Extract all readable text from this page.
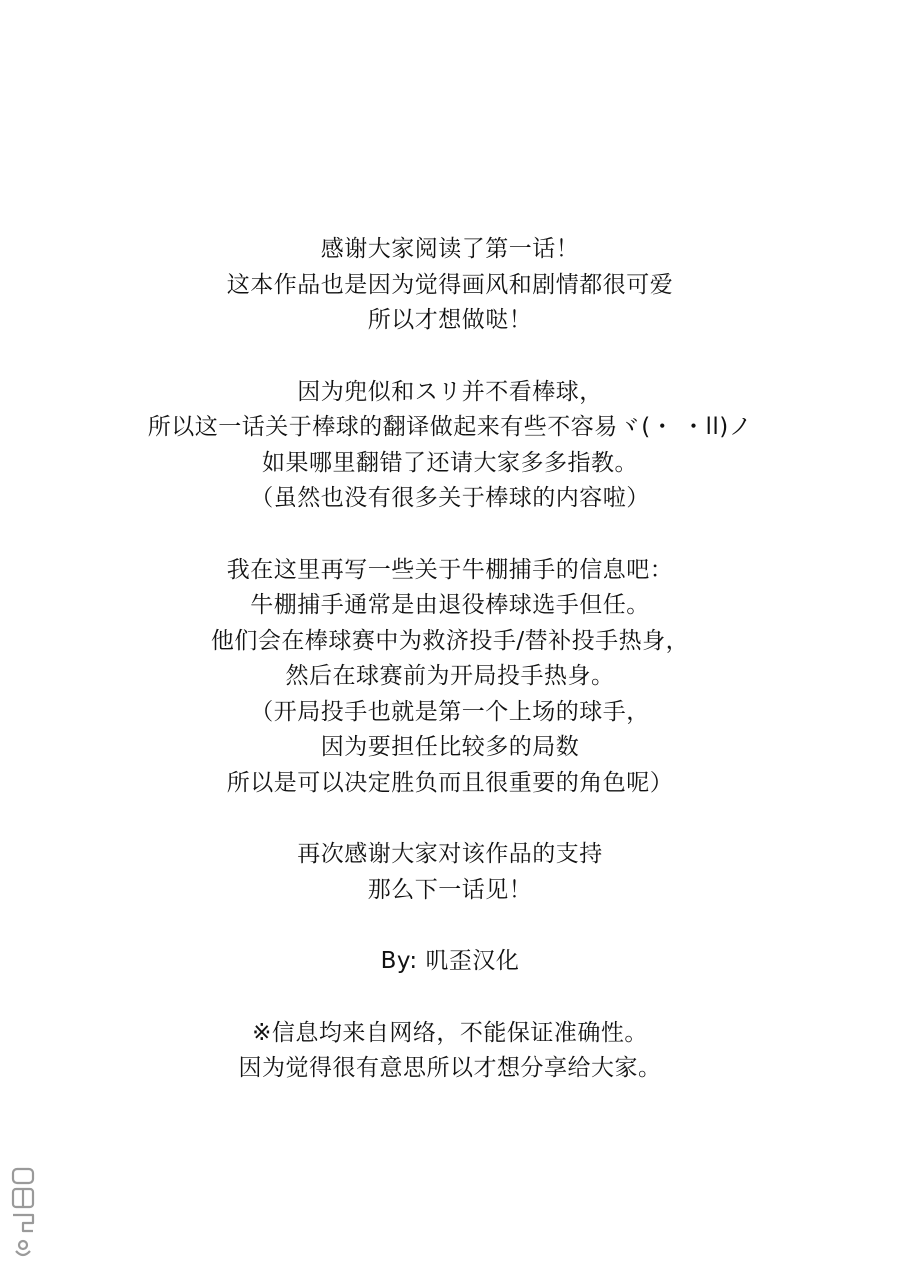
感谢大家阅读了第一话！
这本作品也是因为觉得画风和剧情都很可爱
所以才想做哒！
因为兜似和スリ并不看棒球，
所以这一话关于棒球的翻译做起来有些不容易ヾ(・ ・ll)ノ
如果哪里翻错了还请大家多多指教。
（虽然也没有很多关于棒球的内容啦）
我在这里再写一些关于牛棚捕手的信息吧：
牛棚捕手通常是由退役棒球选手但任。
他们会在棒球赛中为救济投手/替补投手热身，
然后在球赛前为开局投手热身。
（开局投手也就是第一个上场的球手，
因为要担任比较多的局数
所以是可以决定胜负而且很重要的角色呢）
再次感谢大家对该作品的支持
那么下一话见！
By: 叽歪汉化
※信息均来自网络，不能保证准确性。
因为觉得很有意思所以才想分享给大家。
